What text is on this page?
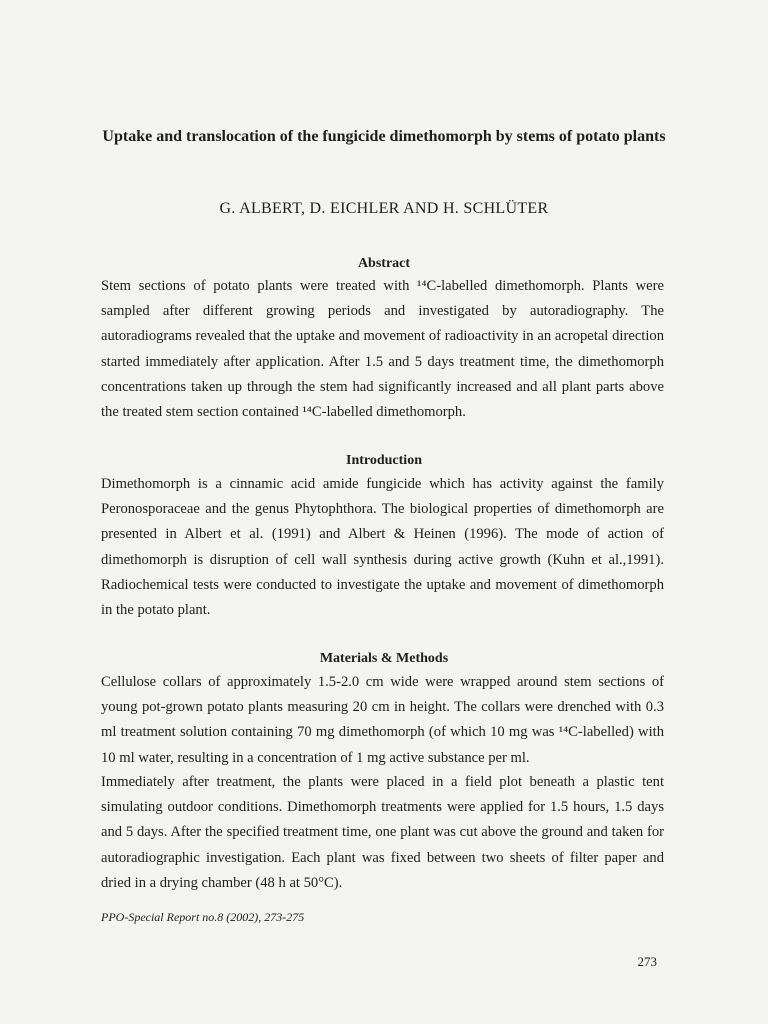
Uptake and translocation of the fungicide dimethomorph by stems of potato plants

G. ALBERT, D. EICHLER AND H. SCHLÜTER

Abstract

Stem sections of potato plants were treated with ¹⁴C-labelled dimethomorph. Plants were sampled after different growing periods and investigated by autoradiography. The autoradiograms revealed that the uptake and movement of radioactivity in an acropetal direction started immediately after application. After 1.5 and 5 days treatment time, the dimethomorph concentrations taken up through the stem had significantly increased and all plant parts above the treated stem section contained ¹⁴C-labelled dimethomorph.

Introduction

Dimethomorph is a cinnamic acid amide fungicide which has activity against the family Peronosporaceae and the genus Phytophthora. The biological properties of dimethomorph are presented in Albert et al. (1991) and Albert & Heinen (1996). The mode of action of dimethomorph is disruption of cell wall synthesis during active growth (Kuhn et al.,1991). Radiochemical tests were conducted to investigate the uptake and movement of dimethomorph in the potato plant.

Materials & Methods

Cellulose collars of approximately 1.5-2.0 cm wide were wrapped around stem sections of young pot-grown potato plants measuring 20 cm in height. The collars were drenched with 0.3 ml treatment solution containing 70 mg dimethomorph (of which 10 mg was ¹⁴C-labelled) with 10 ml water, resulting in a concentration of 1 mg active substance per ml.

Immediately after treatment, the plants were placed in a field plot beneath a plastic tent simulating outdoor conditions. Dimethomorph treatments were applied for 1.5 hours, 1.5 days and 5 days. After the specified treatment time, one plant was cut above the ground and taken for autoradiographic investigation. Each plant was fixed between two sheets of filter paper and dried in a drying chamber (48 h at 50°C).

PPO-Special Report no.8 (2002), 273-275

273
